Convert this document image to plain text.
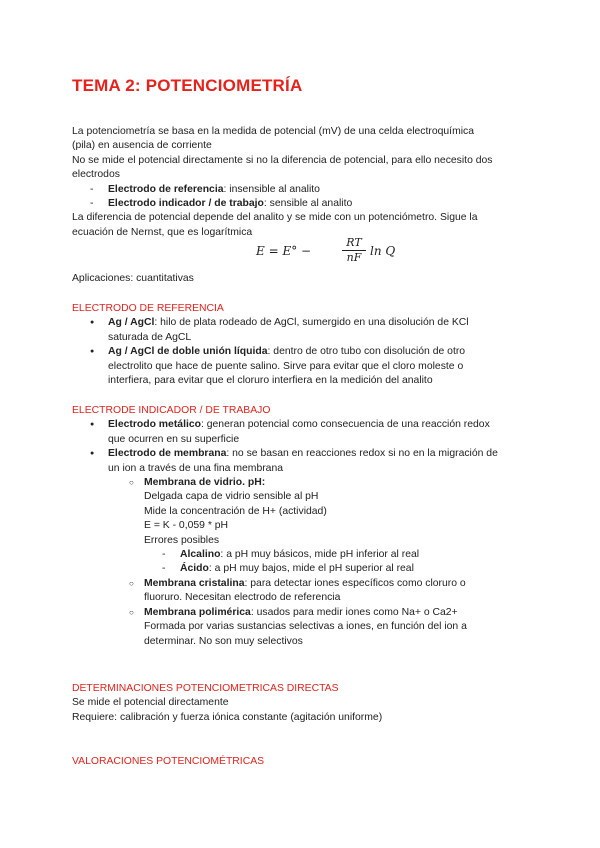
TEMA 2: POTENCIOMETRÍA

La potenciometría se basa en la medida de potencial (mV) de una celda electroquímica

(pila) en ausencia de corriente

No se mide el potencial directamente si no la diferencia de potencial, para ello necesito dos

electrodos

- Electrodo de referencia: insensible al analito

- Electrodo indicador / de trabajo: sensible al analito

La diferencia de potencial depende del analito y se mide con un potenciómetro. Sigue la

ecuación de Nernst, que es logarítmica

E = E° −	$\frac{RT}{nF}$ ln Q

Aplicaciones: cuantitativas

ELECTRODO DE REFERENCIA

● Ag / AgCl: hilo de plata rodeado de AgCl, sumergido en una disolución de KCl

saturada de AgCL

● Ag / AgCl de doble unión líquida: dentro de otro tubo con disolución de otro

electrolito que hace de puente salino. Sirve para evitar que el cloro moleste o

interfiera, para evitar que el cloruro interfiera en la medición del analito

ELECTRODE INDICADOR / DE TRABAJO

● Electrodo metálico: generan potencial como consecuencia de una reacción redox

que ocurren en su superficie

● Electrodo de membrana: no se basan en reacciones redox si no en la migración de

un ion a través de una fina membrana

○ Membrana de vidrio. pH:

Delgada capa de vidrio sensible al pH

Mide la concentración de H+ (actividad)

E = K - 0,059 * pH

Errores posibles

- Alcalino: a pH muy básicos, mide pH inferior al real

- Ácido: a pH muy bajos, mide el pH superior al real

○ Membrana cristalina: para detectar iones específicos como cloruro o

fluoruro. Necesitan electrodo de referencia

○ Membrana polimérica: usados para medir iones como Na+ o Ca2+

Formada por varias sustancias selectivas a iones, en función del ion a

determinar. No son muy selectivos

DETERMINACIONES POTENCIOMETRICAS DIRECTAS

Se mide el potencial directamente

Requiere: calibración y fuerza iónica constante (agitación uniforme)

VALORACIONES POTENCIOMÉTRICAS
